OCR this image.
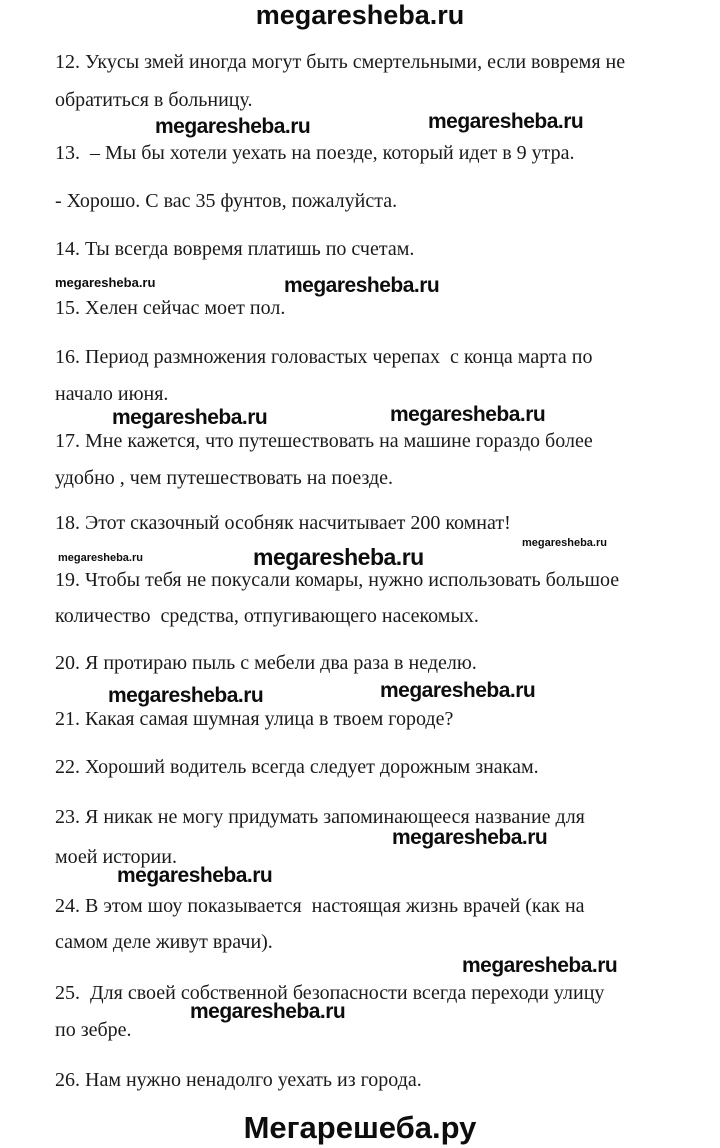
megaresheba.ru
12. Укусы змей иногда могут быть смертельными, если вовремя не
обратиться в больницу.
megaresheba.ru	megaresheba.ru
13.  – Мы бы хотели уехать на поезде, который идет в 9 утра.
- Хорошо. С вас 35 фунтов, пожалуйста.
14. Ты всегда вовремя платишь по счетам.
megaresheba.ru	megaresheba.ru
15. Хелен сейчас моет пол.
16. Период размножения головастых черепах  с конца марта по
начало июня.
megaresheba.ru	megaresheba.ru
17. Мне кажется, что путешествовать на машине гораздо более
удобно , чем путешествовать на поезде.
18. Этот сказочный особняк насчитывает 200 комнат!
megaresheba.ru
megaresheba.ru	megaresheba.ru
19. Чтобы тебя не покусали комары, нужно использовать большое
количество  средства, отпугивающего насекомых.
20. Я протираю пыль с мебели два раза в неделю.
megaresheba.ru	megaresheba.ru
21. Какая самая шумная улица в твоем городе?
22. Хороший водитель всегда следует дорожным знакам.
23. Я никак не могу придумать запоминающееся название для
megaresheba.ru
моей истории.
megaresheba.ru
24. В этом шоу показывается  настоящая жизнь врачей (как на
самом деле живут врачи).
megaresheba.ru
25.  Для своей собственной безопасности всегда переходи улицу
megaresheba.ru
по зебре.
26. Нам нужно ненадолго уехать из города.
Мегарешеба.ру
